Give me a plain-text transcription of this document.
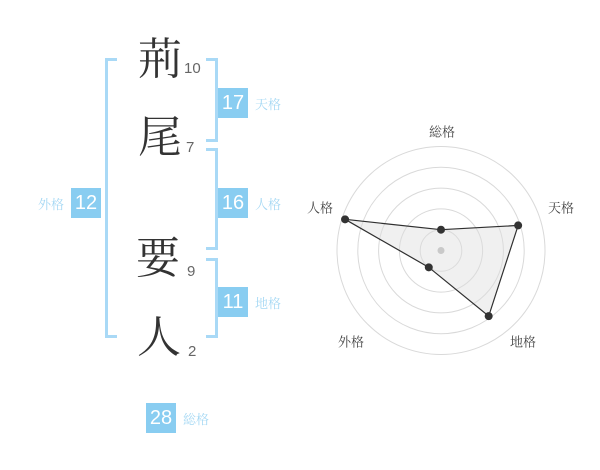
荊
尾
要
人
10
7
9
2
17 天格
16 人格
11 地格
外格 12
28 総格
総格
天格
地格
外格
人格
